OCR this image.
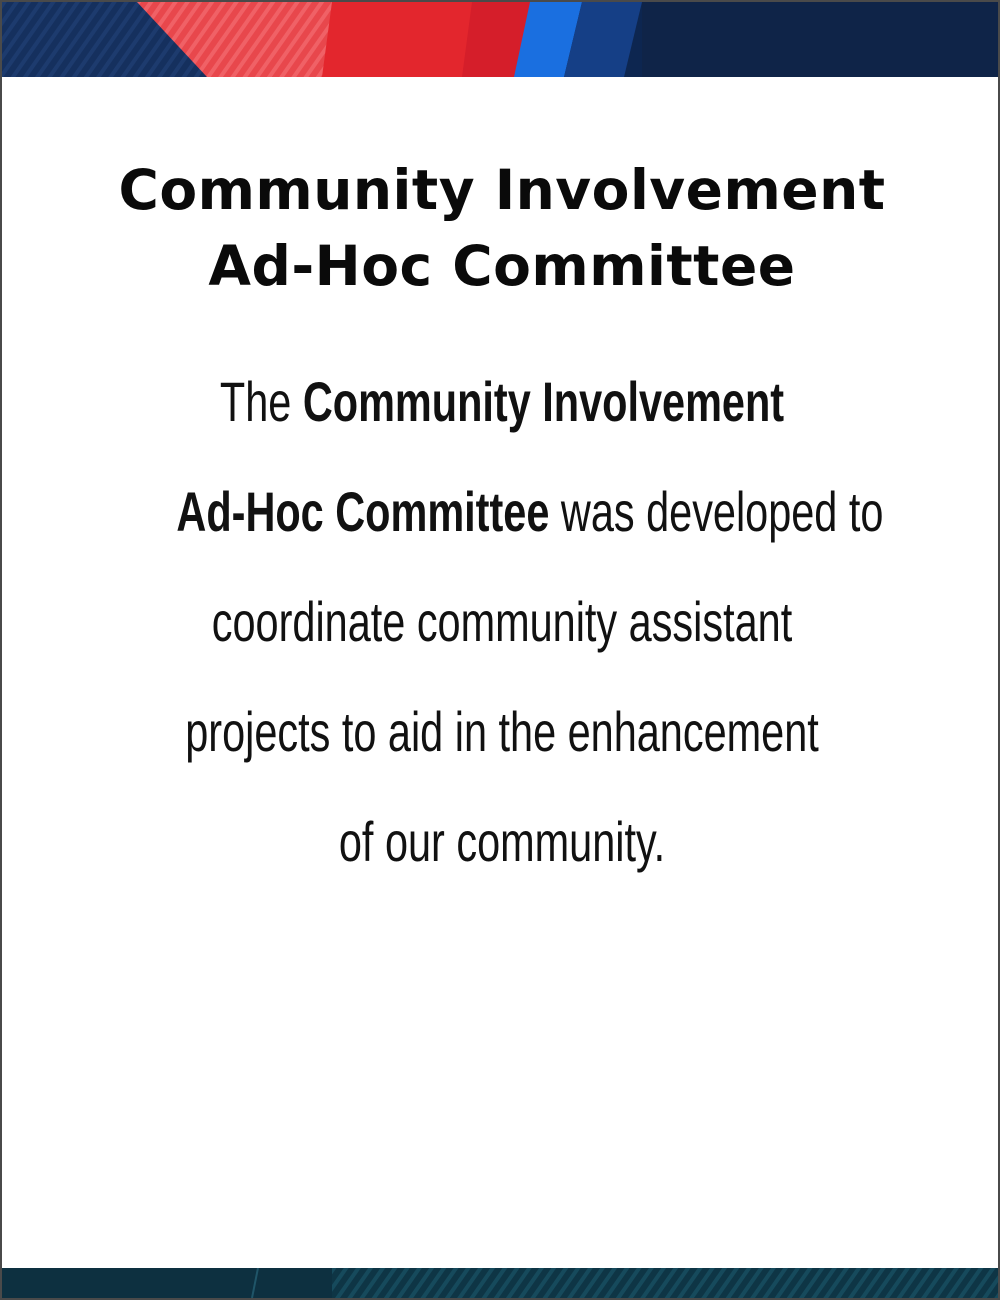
Community Involvement
Ad-Hoc Committee

The Community Involvement
Ad-Hoc Committee was developed to
coordinate community assistant
projects to aid in the enhancement
of our community.
